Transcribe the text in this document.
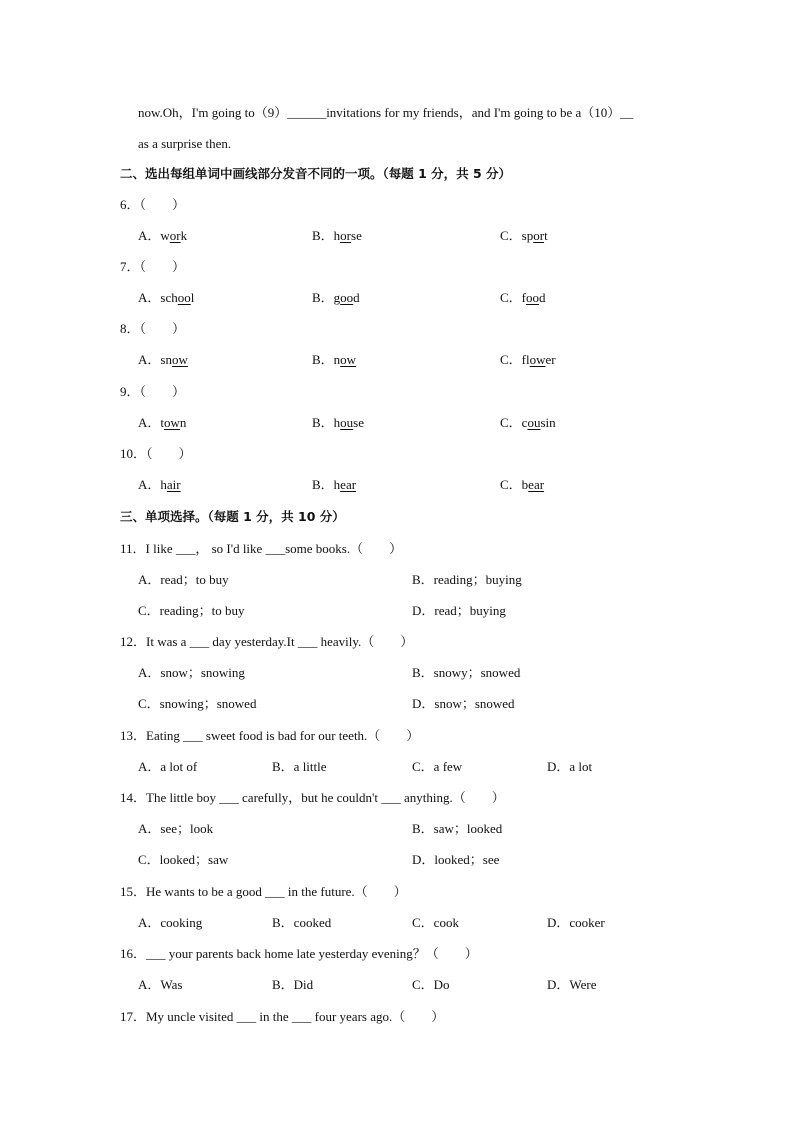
now.Oh，I'm going to（9）______invitations for my friends，and I'm going to be a（10）__
as a surprise then.
二、选出每组单词中画线部分发音不同的一项。（每题 1 分，共 5 分）
6．（　　）
A．work	B．horse	C．sport
7．（　　）
A．school	B．good	C．food
8．（　　）
A．snow	B．now	C．flower
9．（　　）
A．town	B．house	C．cousin
10．（　　）
A．hair	B．hear	C．bear
三、单项选择。（每题 1 分，共 10 分）
11．I like ___， so I'd like ___some books.（　　）
A．read；to buy	B．reading；buying
C．reading；to buy	D．read；buying
12．It was a ___ day yesterday.It ___ heavily.（　　）
A．snow；snowing	B．snowy；snowed
C．snowing；snowed	D．snow；snowed
13．Eating ___ sweet food is bad for our teeth.（　　）
A．a lot of	B．a little	C．a few	D．a lot
14．The little boy ___ carefully，but he couldn't ___ anything.（　　）
A．see；look	B．saw；looked
C．looked；saw	D．looked；see
15．He wants to be a good ___ in the future.（　　）
A．cooking	B．cooked	C．cook	D．cooker
16．___ your parents back home late yesterday evening？（　　）
A．Was	B．Did	C．Do	D．Were
17．My uncle visited ___ in the ___ four years ago.（　　）
